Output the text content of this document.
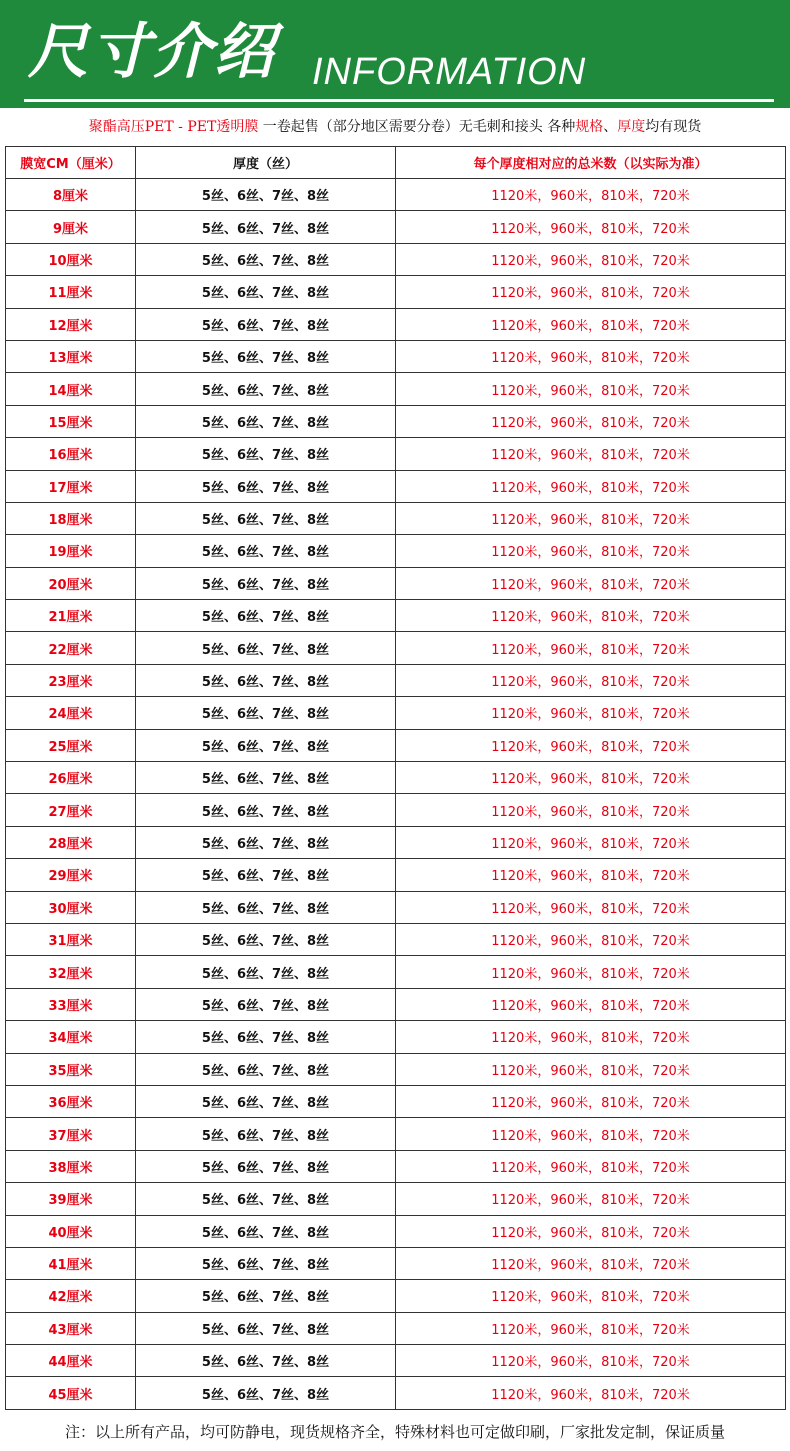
尺寸介绍 INFORMATION
聚酯高压PET - PET透明膜 一卷起售（部分地区需要分卷）无毛刺和接头 各种规格、厚度均有现货
膜宽CM（厘米）	厚度（丝）	每个厚度相对应的总米数（以实际为准）
8厘米	5丝、6丝、7丝、8丝	1120米，960米，810米，720米
9厘米	5丝、6丝、7丝、8丝	1120米，960米，810米，720米
10厘米	5丝、6丝、7丝、8丝	1120米，960米，810米，720米
11厘米	5丝、6丝、7丝、8丝	1120米，960米，810米，720米
12厘米	5丝、6丝、7丝、8丝	1120米，960米，810米，720米
13厘米	5丝、6丝、7丝、8丝	1120米，960米，810米，720米
14厘米	5丝、6丝、7丝、8丝	1120米，960米，810米，720米
15厘米	5丝、6丝、7丝、8丝	1120米，960米，810米，720米
16厘米	5丝、6丝、7丝、8丝	1120米，960米，810米，720米
17厘米	5丝、6丝、7丝、8丝	1120米，960米，810米，720米
18厘米	5丝、6丝、7丝、8丝	1120米，960米，810米，720米
19厘米	5丝、6丝、7丝、8丝	1120米，960米，810米，720米
20厘米	5丝、6丝、7丝、8丝	1120米，960米，810米，720米
21厘米	5丝、6丝、7丝、8丝	1120米，960米，810米，720米
22厘米	5丝、6丝、7丝、8丝	1120米，960米，810米，720米
23厘米	5丝、6丝、7丝、8丝	1120米，960米，810米，720米
24厘米	5丝、6丝、7丝、8丝	1120米，960米，810米，720米
25厘米	5丝、6丝、7丝、8丝	1120米，960米，810米，720米
26厘米	5丝、6丝、7丝、8丝	1120米，960米，810米，720米
27厘米	5丝、6丝、7丝、8丝	1120米，960米，810米，720米
28厘米	5丝、6丝、7丝、8丝	1120米，960米，810米，720米
29厘米	5丝、6丝、7丝、8丝	1120米，960米，810米，720米
30厘米	5丝、6丝、7丝、8丝	1120米，960米，810米，720米
31厘米	5丝、6丝、7丝、8丝	1120米，960米，810米，720米
32厘米	5丝、6丝、7丝、8丝	1120米，960米，810米，720米
33厘米	5丝、6丝、7丝、8丝	1120米，960米，810米，720米
34厘米	5丝、6丝、7丝、8丝	1120米，960米，810米，720米
35厘米	5丝、6丝、7丝、8丝	1120米，960米，810米，720米
36厘米	5丝、6丝、7丝、8丝	1120米，960米，810米，720米
37厘米	5丝、6丝、7丝、8丝	1120米，960米，810米，720米
38厘米	5丝、6丝、7丝、8丝	1120米，960米，810米，720米
39厘米	5丝、6丝、7丝、8丝	1120米，960米，810米，720米
40厘米	5丝、6丝、7丝、8丝	1120米，960米，810米，720米
41厘米	5丝、6丝、7丝、8丝	1120米，960米，810米，720米
42厘米	5丝、6丝、7丝、8丝	1120米，960米，810米，720米
43厘米	5丝、6丝、7丝、8丝	1120米，960米，810米，720米
44厘米	5丝、6丝、7丝、8丝	1120米，960米，810米，720米
45厘米	5丝、6丝、7丝、8丝	1120米，960米，810米，720米
注：以上所有产品，均可防静电，现货规格齐全，特殊材料也可定做印刷，厂家批发定制，保证质量
